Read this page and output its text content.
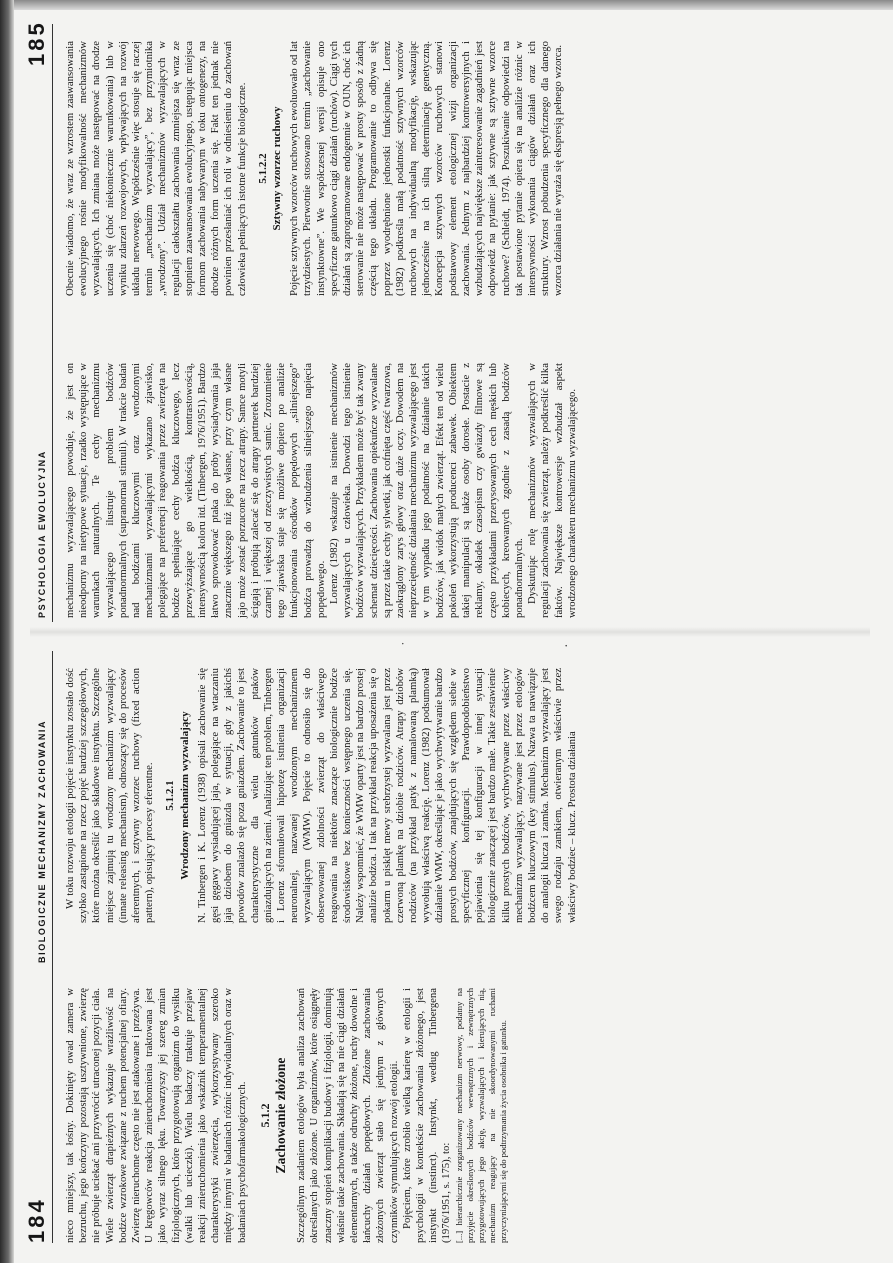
184
BIOLOGICZNE MECHANIZMY ZACHOWANIA

nieco mniejszy, tak łośny. Dokinięty owad zamera w bezruchu, jego kończyny pozostają usztywnione, zwierzę nie próbuje uciekać ani przywrócić utraconej pozycji ciała. Wiele zwierząt drapieżnych wykazuje wrażliwość na bodźce wzrokowe związane z ruchem potencjalnej ofiary. Zwierzę nieruchome często nie jest atakowane i przeżywa. U kręgowców reakcja znieruchomienia traktowana jest jako wyraz silnego lęku. Towarzyszy jej szereg zmian fizjologicznych, które przygotowują organizm do wysiłku (walki lub ucieczki). Wielu badaczy traktuje przejaw reakcji znieruchomienia jako wskaźnik temperamentalnej charakterystyki zwierzęcia, wykorzystywany szeroko między innymi w badaniach różnic indywidualnych oraz w badaniach psychofarmakologicznych. 5.1.2 Zachowanie złożone Szczególnym zadaniem etologów była analiza zachowań określanych jako złożone. U organizmów, które osiągnęły znaczny stopień komplikacji budowy i fizjologii, dominują właśnie takie zachowania. Składają się na nie ciągi działań elementarnych, a także odruchy złożone, ruchy dowolne i łańcuchy działań popędowych. Złożone zachowania złożonych zwierząt stało się jednym z głównych czynników stymulujących rozwój etologii. Pojęciem, które zrobiło wielką karierę w etologii i psychologii w kontekście zachowania złożonego, jest instynkt (instinct). Instynkt, według Tinbergena (1976/1951, s. 175), to: [...] hierarchicznie zorganizowany mechanizm nerwowy, podatny na przyjęcie określonych bodźców wewnętrznych i zewnętrznych przygotowujących jego akcję, wyzwalających i kierujących nią, mechanizm reagujący na nie skoordynowanymi ruchami przyczyniającymi się do podtrzymania życia osobnika i gatunku.

W toku rozwoju etologii pojęcie instynktu zostało dość szybko zastąpione na rzecz pojęć bardziej szczegółowych, które można określić jako składowe instynktu. Szczególne miejsce zajmują tu wrodzony mechanizm wyzwalający (innate releasing mechanism), odnoszący się do procesów aferentnych, i sztywny wzorzec ruchowy (fixed action pattern), opisujący procesy eferentne. 5.1.2.1 Wrodzony mechanizm wyzwalający N. Tinbergen i K. Lorenz (1938) opisali zachowanie się gęsi gęgawy wysiadującej jaja, polegające na wtaczaniu jaja dziobem do gniazda w sytuacji, gdy z jakichś powodów znalazło się poza gniazdem. Zachowanie to jest charakterystyczne dla wielu gatunków ptaków gniazdujących na ziemi. Analizując ten problem, Tinbergen i Lorenz sformułowali hipotezę istnienia organizacji neuronalnej, nazwanej wrodzonym mechanizmem wyzwalającym (WMW). Pojęcie to odnosiło się do obserwowanej zdolności zwierząt do właściwego reagowania na niektóre znaczące biologicznie bodźce środowiskowe bez konieczności wstępnego uczenia się. Należy wspomnieć, że WMW oparty jest na bardzo prostej analizie bodźca. I tak na przykład reakcja uposażenia się o pokarm u pisklęt mewy srebrzystej wyzwalana jest przez czerwoną plamkę na dziobie rodziców. Atrapy dziobów rodziców (na przykład patyk z namalowaną plamką) wywołują właściwą reakcję. Lorenz (1982) podsumował działanie WMW, określając je jako wychwytywanie bardzo prostych bodźców, znajdujących się względem siebie w specyficznej konfiguracji. Prawdopodobieństwo pojawienia się tej konfiguracji w innej sytuacji biologicznie znaczącej jest bardzo małe. Takie zestawienie kilku prostych bodźców, wychwytywane przez właściwy mechanizm wyzwalający, nazywane jest przez etologów bodźcem kluczowym (key stimulus). Nazwa ta nawiązuje do analogii klucza i zamka. Mechanizm wyzwalający jest swego rodzaju zamkiem, otwieranym właściwie przez właściwy bodziec – klucz. Prostota działania

PSYCHOLOGIA EWOLUCYJNA
185

mechanizmu wyzwalającego powoduje, że jest on nieodporny na nietypowe sytuacje, rzadko występujące w warunkach naturalnych. Te cechy mechanizmu wyzwalającego ilustruje problem bodźców ponadnormalnych (supranormal stimuli). W trakcie badań nad bodźcami kluczowymi oraz wrodzonymi mechanizmami wyzwalającymi wykazano zjawisko, polegające na preferencji reagowania przez zwierzęta na bodźce spełniające cechy bodźca kluczowego, lecz przewyższające go wielkością, kontrastowością, intensywnością koloru itd. (Tinbergen, 1976/1951). Bardzo łatwo sprowokować ptaka do próby wysiadywania jaja znacznie większego niż jego własne, przy czym własne jajo może zostać porzucone na rzecz atrapy. Samce motyli ścigają i próbują zalecać się do atrapy partnerek bardziej czarnej i większej od rzeczywistych samic. Zrozumienie tego zjawiska staje się możliwe dopiero po analizie funkcjonowania ośrodków popędowych „silniejszego” bodźca prowadzą do wzbudzenia silniejszego napięcia popędowego. Lorenz (1982) wskazuje na istnienie mechanizmów wyzwalających u człowieka. Dowodzi tego istnienie bodźców wyzwalających. Przykładem może być tak zwany schemat dziecięcości. Zachowania opiekuńcze wyzwalane są przez takie cechy sylwetki, jak cofnięta część twarzowa, zaokrąglony zarys głowy oraz duże oczy. Dowodem na nieprzeciętność działania mechanizmu wyzwalającego jest w tym wypadku jego podatność na działanie takich bodźców, jak widok małych zwierząt. Efekt ten od wielu pokoleń wykorzystują producenci zabawek. Obiektem takiej manipulacji są także osoby dorosłe. Postacie z reklamy, okładek czasopism czy gwiazdy filmowe są często przykładami przerysowanych cech męskich lub kobiecych, kreowanych zgodnie z zasadą bodźców ponadnormalnych. Dyskutując rolę mechanizmów wyzwalających w regulacji zachowania się zwierząt, należy podkreślić kilka faktów. Największe kontrowersje wzbudzał aspekt wrodzonego charakteru mechanizmu wyzwalającego.

Obecnie wiadomo, że wraz ze wzrostem zaawansowania ewolucyjnego rośnie modyfikowalność mechanizmów wyzwalających. Ich zmiana może następować na drodze uczenia się (choć niekoniecznie warunkowania) lub w wyniku zdarzeń rozwojowych, wpływających na rozwój układu nerwowego. Współcześnie więc stosuje się raczej termin „mechanizm wyzwalający”, bez przymiotnika „wrodzony”. Udział mechanizmów wyzwalających w regulacji całokształtu zachowania zmniejsza się wraz ze stopniem zaawansowania ewolucyjnego, ustępując miejsca formom zachowania nabywanym w toku ontogenezy, na drodze różnych form uczenia się. Fakt ten jednak nie powinien przesłaniać ich roli w odniesieniu do zachowań człowieka pełniących istotne funkcje biologiczne. 5.1.2.2 Sztywny wzorzec ruchowy Pojęcie sztywnych wzorców ruchowych ewoluowało od lat trzydziestych. Pierwotnie stosowano termin „zachowanie instynktowne”. We współczesnej wersji opisuje ono specyficzne gatunkowo ciągi działań (ruchów). Ciągi tych działań są zaprogramowane endogennie w OUN, choć ich sterowanie nie może następować w prosty sposób z żadną częścią tego układu. Programowanie to odbywa się poprzez wyodrębnione jednostki funkcjonalne. Lorenz (1982) podkreśla małą podatność sztywnych wzorców ruchowych na indywidualną modyfikację, wskazując jednocześnie na ich silną determinację genetyczną. Koncepcja sztywnych wzorców ruchowych stanowi podstawowy element etologicznej wizji organizacji zachowania. Jednym z najbardziej kontrowersyjnych i wzbudzających największe zainteresowanie zagadnień jest odpowiedź na pytanie: jak sztywne są sztywne wzorce ruchowe? (Schleidt, 1974). Poszukiwanie odpowiedzi na tak postawione pytanie opiera się na analizie różnic w intensywności wykonania ciągów działań oraz ich struktury. Wzrost pobudzenia specyficznego dla danego wzorca działania nie wyraża się ekspresją pełnego wzorca.

˙	·
